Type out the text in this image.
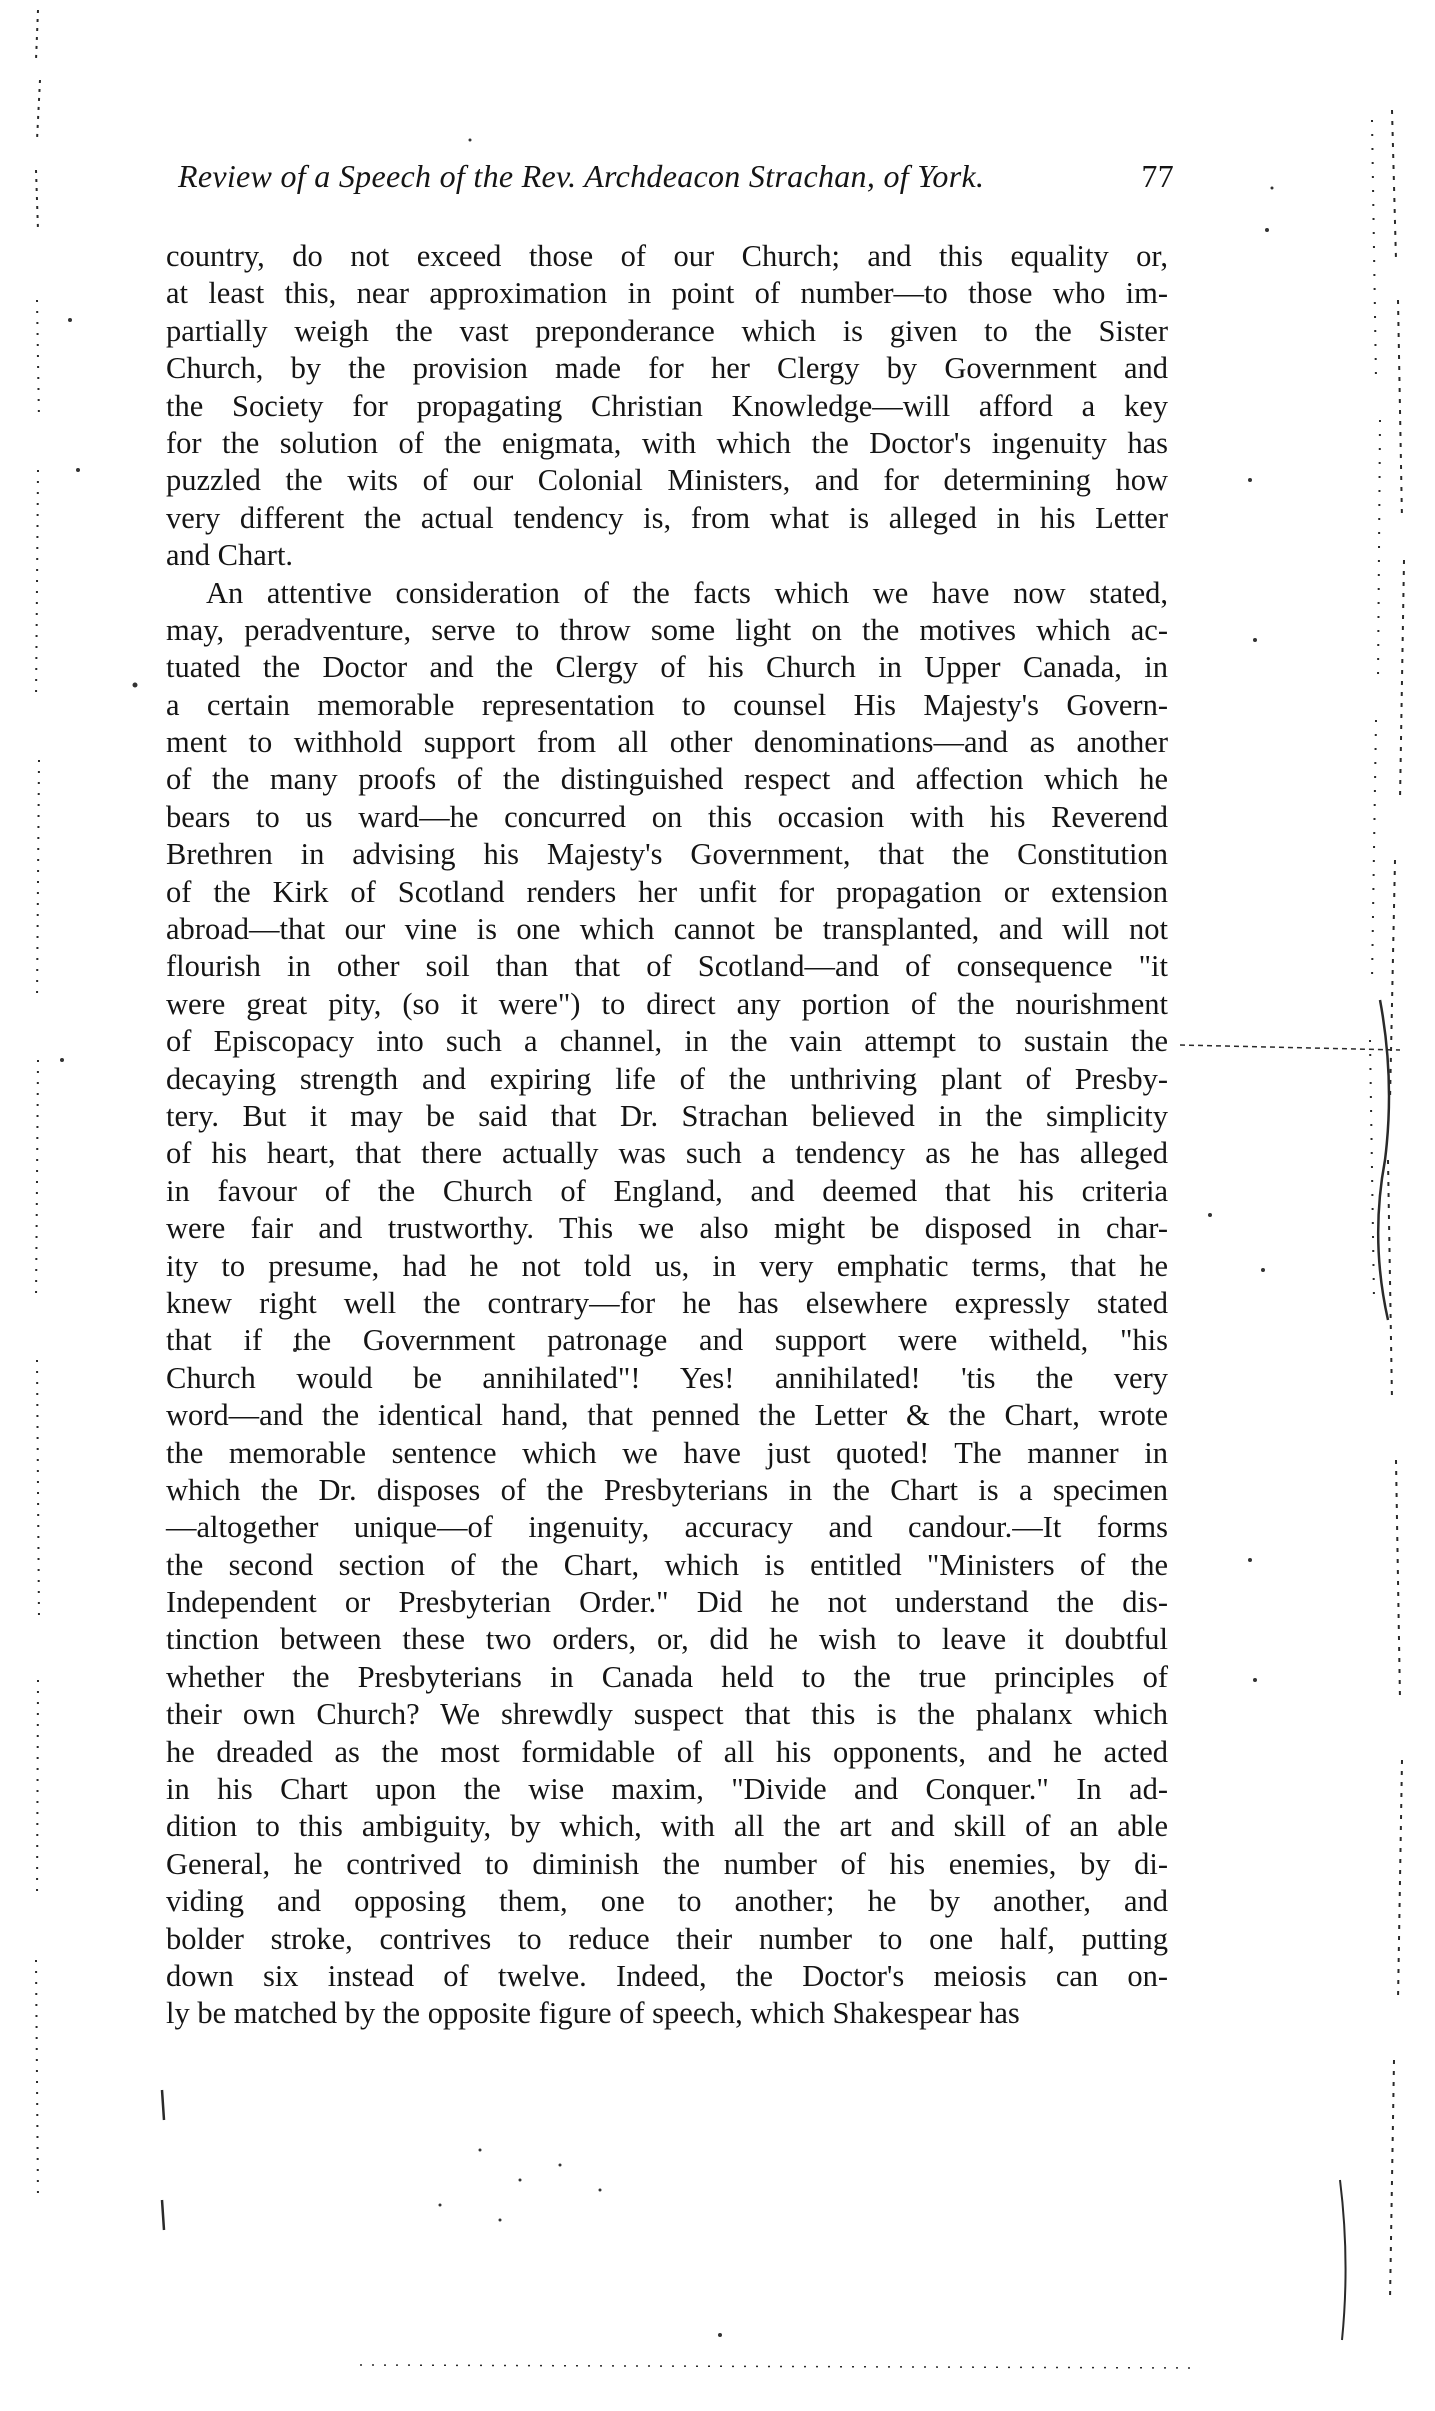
Review of a Speech of the Rev. Archdeacon Strachan, of York.	77

country, do not exceed those of our Church; and this equality or,
at least this, near approximation in point of number—to those who im-
partially weigh the vast preponderance which is given to the Sister
Church, by the provision made for her Clergy by Government and
the Society for propagating Christian Knowledge—will afford a key
for the solution of the enigmata, with which the Doctor's ingenuity has
puzzled the wits of our Colonial Ministers, and for determining how
very different the actual tendency is, from what is alleged in his Letter
and Chart.

An attentive consideration of the facts which we have now stated,
may, peradventure, serve to throw some light on the motives which ac-
tuated the Doctor and the Clergy of his Church in Upper Canada, in
a certain memorable representation to counsel His Majesty's Govern-
ment to withhold support from all other denominations—and as another
of the many proofs of the distinguished respect and affection which he
bears to us ward—he concurred on this occasion with his Reverend
Brethren in advising his Majesty's Government, that the Constitution
of the Kirk of Scotland renders her unfit for propagation or extension
abroad—that our vine is one which cannot be transplanted, and will not
flourish in other soil than that of Scotland—and of consequence "it
were great pity, (so it were") to direct any portion of the nourishment
of Episcopacy into such a channel, in the vain attempt to sustain the
decaying strength and expiring life of the unthriving plant of Presby-
tery. But it may be said that Dr. Strachan believed in the simplicity
of his heart, that there actually was such a tendency as he has alleged
in favour of the Church of England, and deemed that his criteria
were fair and trustworthy. This we also might be disposed in char-
ity to presume, had he not told us, in very emphatic terms, that he
knew right well the contrary—for he has elsewhere expressly stated
that if the Government patronage and support were witheld, "his
Church would be annihilated"! Yes! annihilated! 'tis the very
word—and the identical hand, that penned the Letter & the Chart, wrote
the memorable sentence which we have just quoted! The manner in
which the Dr. disposes of the Presbyterians in the Chart is a specimen
—altogether unique—of ingenuity, accuracy and candour.—It forms
the second section of the Chart, which is entitled "Ministers of the
Independent or Presbyterian Order." Did he not understand the dis-
tinction between these two orders, or, did he wish to leave it doubtful
whether the Presbyterians in Canada held to the true principles of
their own Church? We shrewdly suspect that this is the phalanx which
he dreaded as the most formidable of all his opponents, and he acted
in his Chart upon the wise maxim, "Divide and Conquer." In ad-
dition to this ambiguity, by which, with all the art and skill of an able
General, he contrived to diminish the number of his enemies, by di-
viding and opposing them, one to another; he by another, and
bolder stroke, contrives to reduce their number to one half, putting
down six instead of twelve. Indeed, the Doctor's meiosis can on-
ly be matched by the opposite figure of speech, which Shakespear has
